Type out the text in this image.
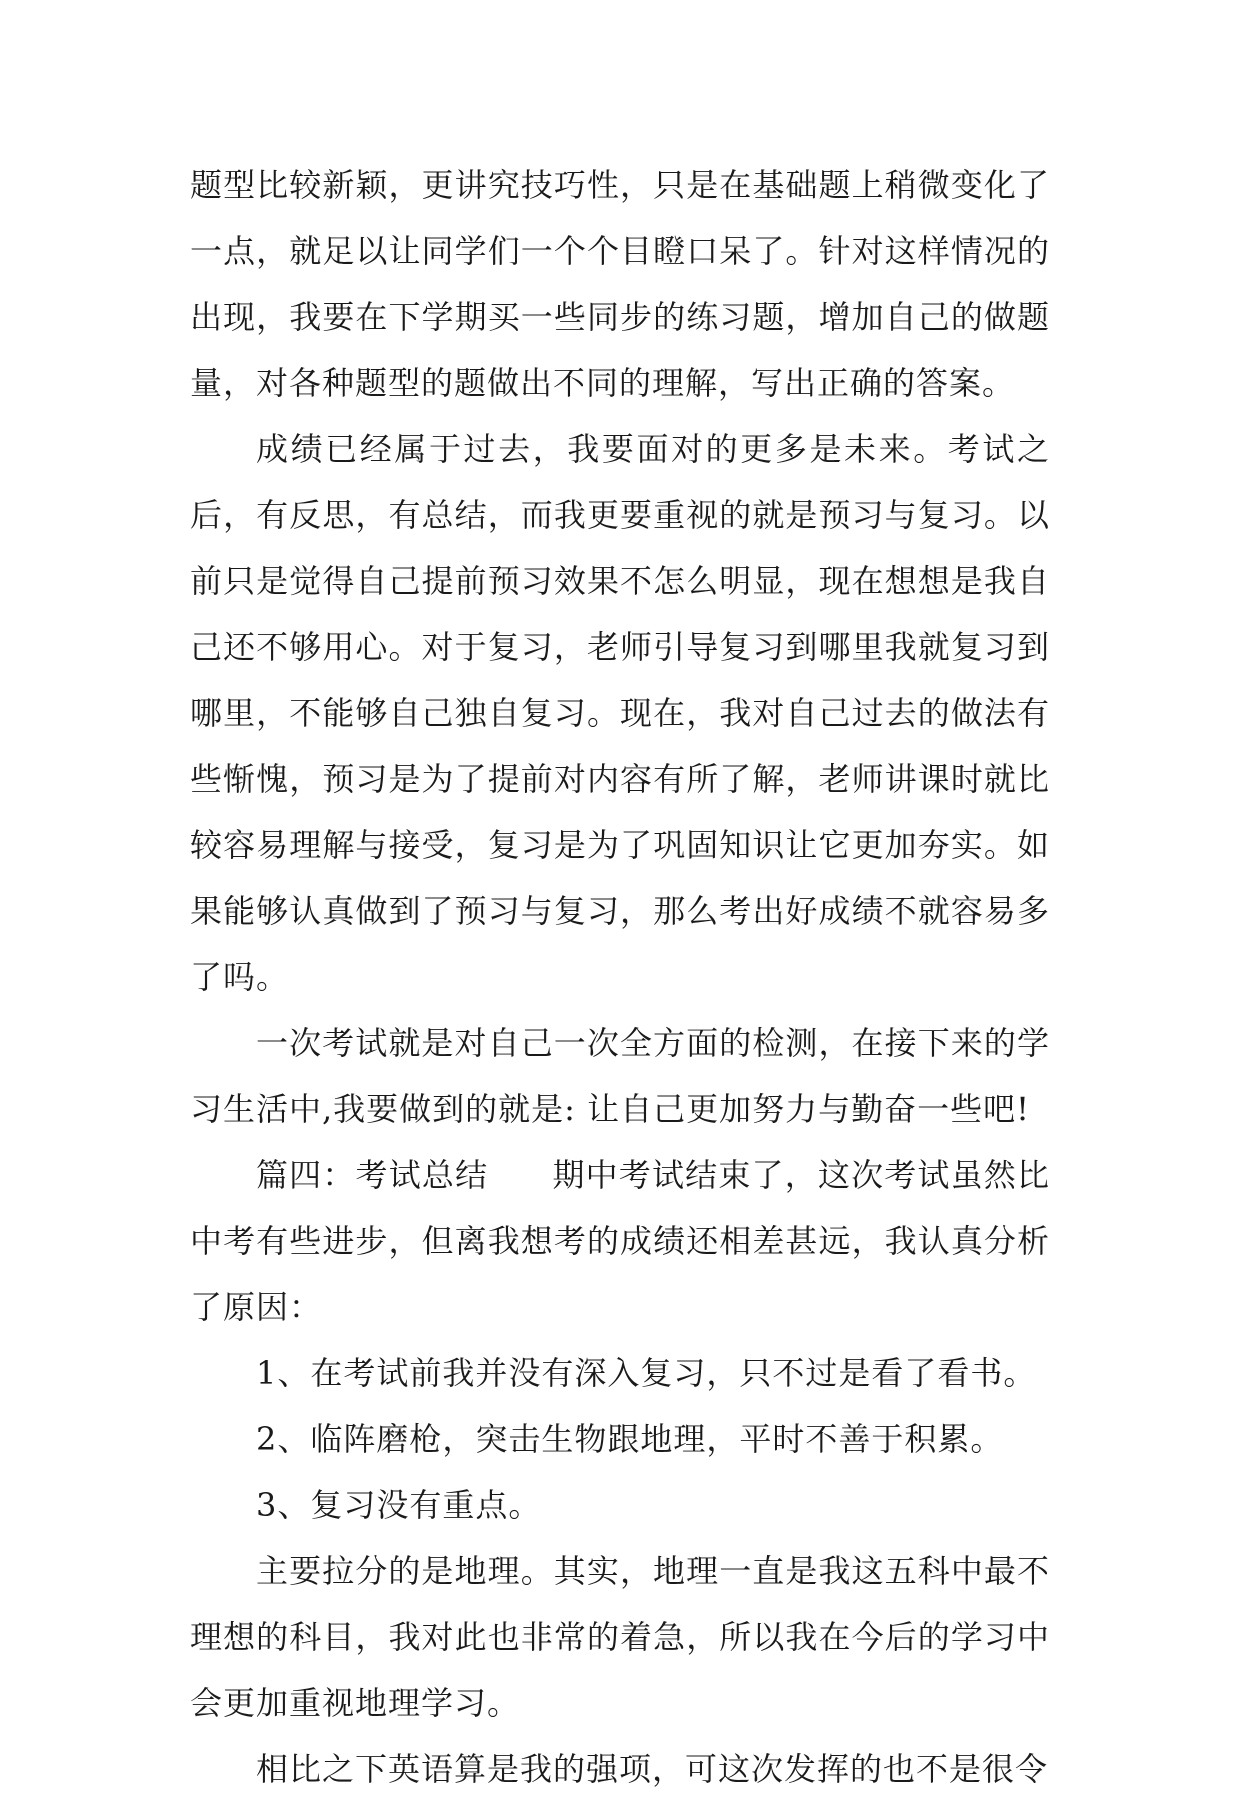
题型比较新颖，更讲究技巧性，只是在基础题上稍微变化了一点，就足以让同学们一个个目瞪口呆了。针对这样情况的出现，我要在下学期买一些同步的练习题，增加自己的做题量，对各种题型的题做出不同的理解，写出正确的答案。

成绩已经属于过去，我要面对的更多是未来。考试之后，有反思，有总结，而我更要重视的就是预习与复习。以前只是觉得自己提前预习效果不怎么明显，现在想想是我自己还不够用心。对于复习，老师引导复习到哪里我就复习到哪里，不能够自己独自复习。现在，我对自己过去的做法有些惭愧，预习是为了提前对内容有所了解，老师讲课时就比较容易理解与接受，复习是为了巩固知识让它更加夯实。如果能够认真做到了预习与复习，那么考出好成绩不就容易多了吗。

一次考试就是对自己一次全方面的检测，在接下来的学习生活中,我要做到的就是: 让自己更加努力与勤奋一些吧!

篇四：考试总结 期中考试结束了，这次考试虽然比中考有些进步，但离我想考的成绩还相差甚远，我认真分析了原因：

1、在考试前我并没有深入复习，只不过是看了看书。

2、临阵磨枪，突击生物跟地理，平时不善于积累。

3、复习没有重点。

主要拉分的是地理。其实，地理一直是我这五科中最不理想的科目，我对此也非常的着急，所以我在今后的学习中会更加重视地理学习。

相比之下英语算是我的强项，可这次发挥的也不是很令
